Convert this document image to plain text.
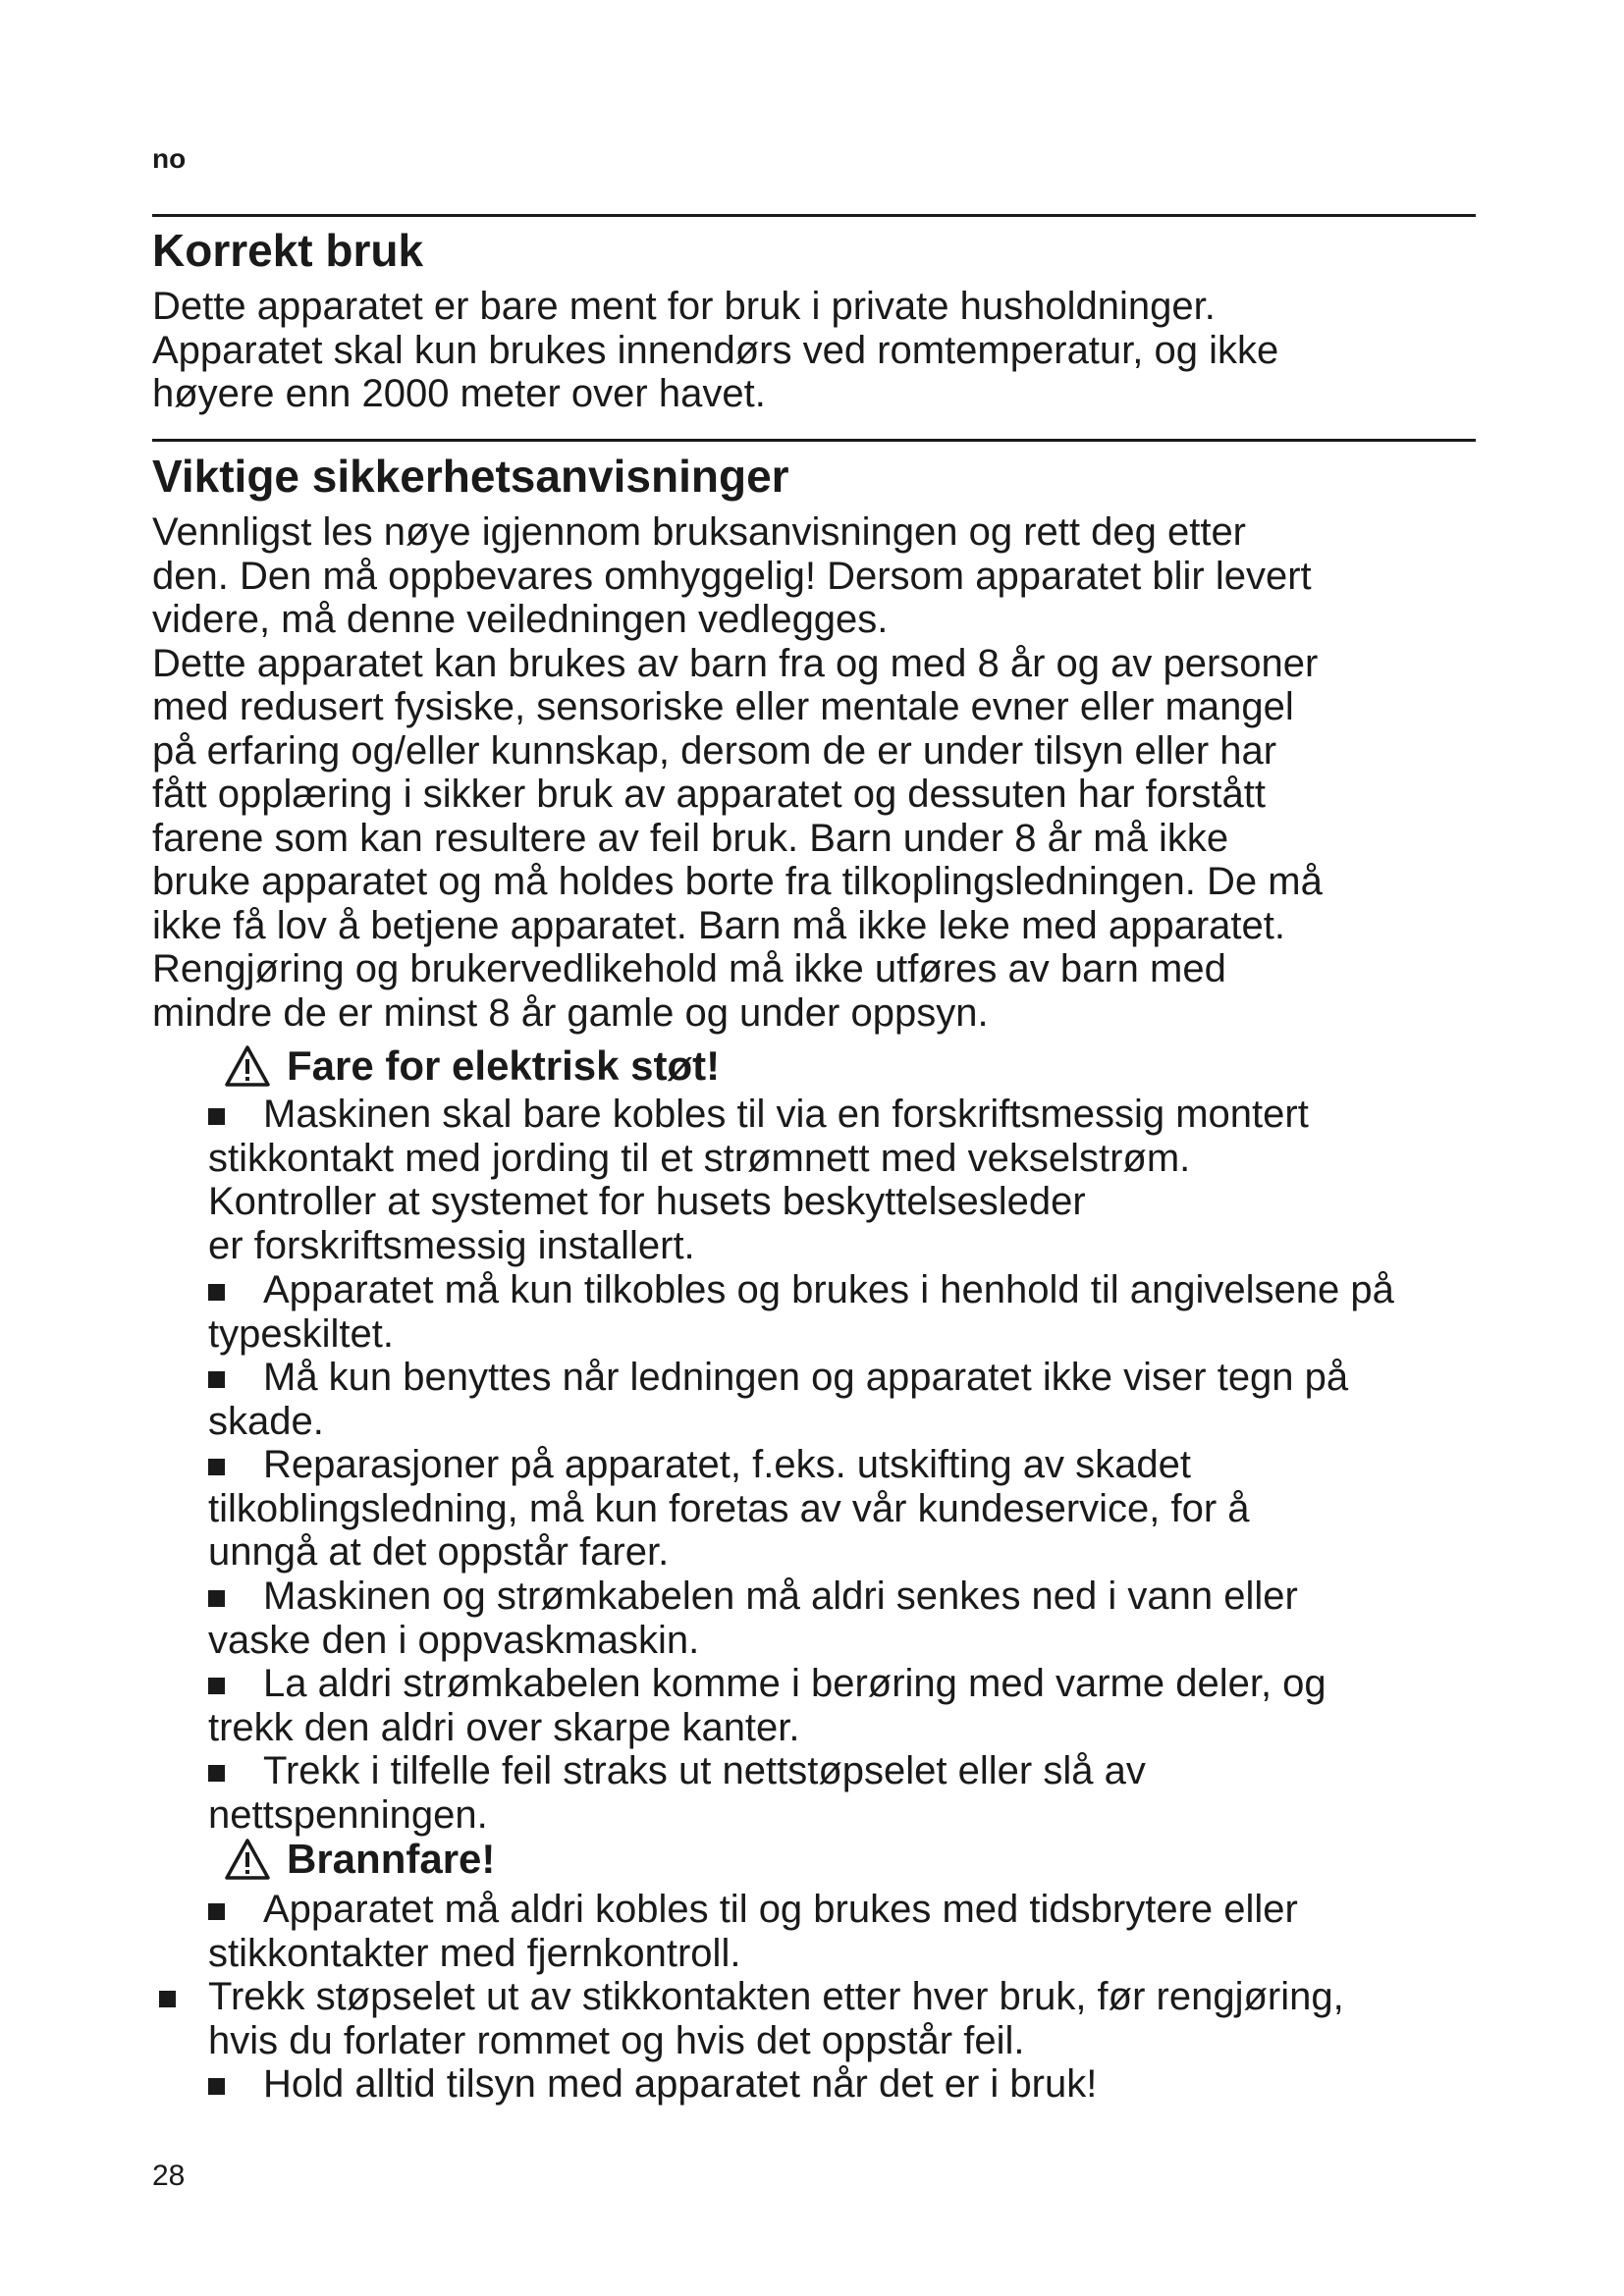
no
Korrekt bruk
Dette apparatet er bare ment for bruk i private husholdninger.
Apparatet skal kun brukes innendørs ved romtemperatur, og ikke
høyere enn 2000 meter over havet.
Viktige sikkerhetsanvisninger
Vennligst les nøye igjennom bruksanvisningen og rett deg etter
den. Den må oppbevares omhyggelig! Dersom apparatet blir levert
videre, må denne veiledningen vedlegges.
Dette apparatet kan brukes av barn fra og med 8 år og av personer
med redusert fysiske, sensoriske eller mentale evner eller mangel
på erfaring og/eller kunnskap, dersom de er under tilsyn eller har
fått opplæring i sikker bruk av apparatet og dessuten har forstått
farene som kan resultere av feil bruk. Barn under 8 år må ikke
bruke apparatet og må holdes borte fra tilkoplingsledningen. De må
ikke få lov å betjene apparatet. Barn må ikke leke med apparatet.
Rengjøring og brukervedlikehold må ikke utføres av barn med
mindre de er minst 8 år gamle og under oppsyn.
Fare for elektrisk støt!
Maskinen skal bare kobles til via en forskriftsmessig montert
stikkontakt med jording til et strømnett med vekselstrøm.
Kontroller at systemet for husets beskyttelsesleder
er forskriftsmessig installert.
Apparatet må kun tilkobles og brukes i henhold til angivelsene på
typeskiltet.
Må kun benyttes når ledningen og apparatet ikke viser tegn på
skade.
Reparasjoner på apparatet, f.eks. utskifting av skadet
tilkoblingsledning, må kun foretas av vår kundeservice, for å
unngå at det oppstår farer.
Maskinen og strømkabelen må aldri senkes ned i vann eller
vaske den i oppvaskmaskin.
La aldri strømkabelen komme i berøring med varme deler, og
trekk den aldri over skarpe kanter.
Trekk i tilfelle feil straks ut nettstøpselet eller slå av
nettspenningen.
Brannfare!
Apparatet må aldri kobles til og brukes med tidsbrytere eller
stikkontakter med fjernkontroll.
Trekk støpselet ut av stikkontakten etter hver bruk, før rengjøring,
hvis du forlater rommet og hvis det oppstår feil.
Hold alltid tilsyn med apparatet når det er i bruk!
28
